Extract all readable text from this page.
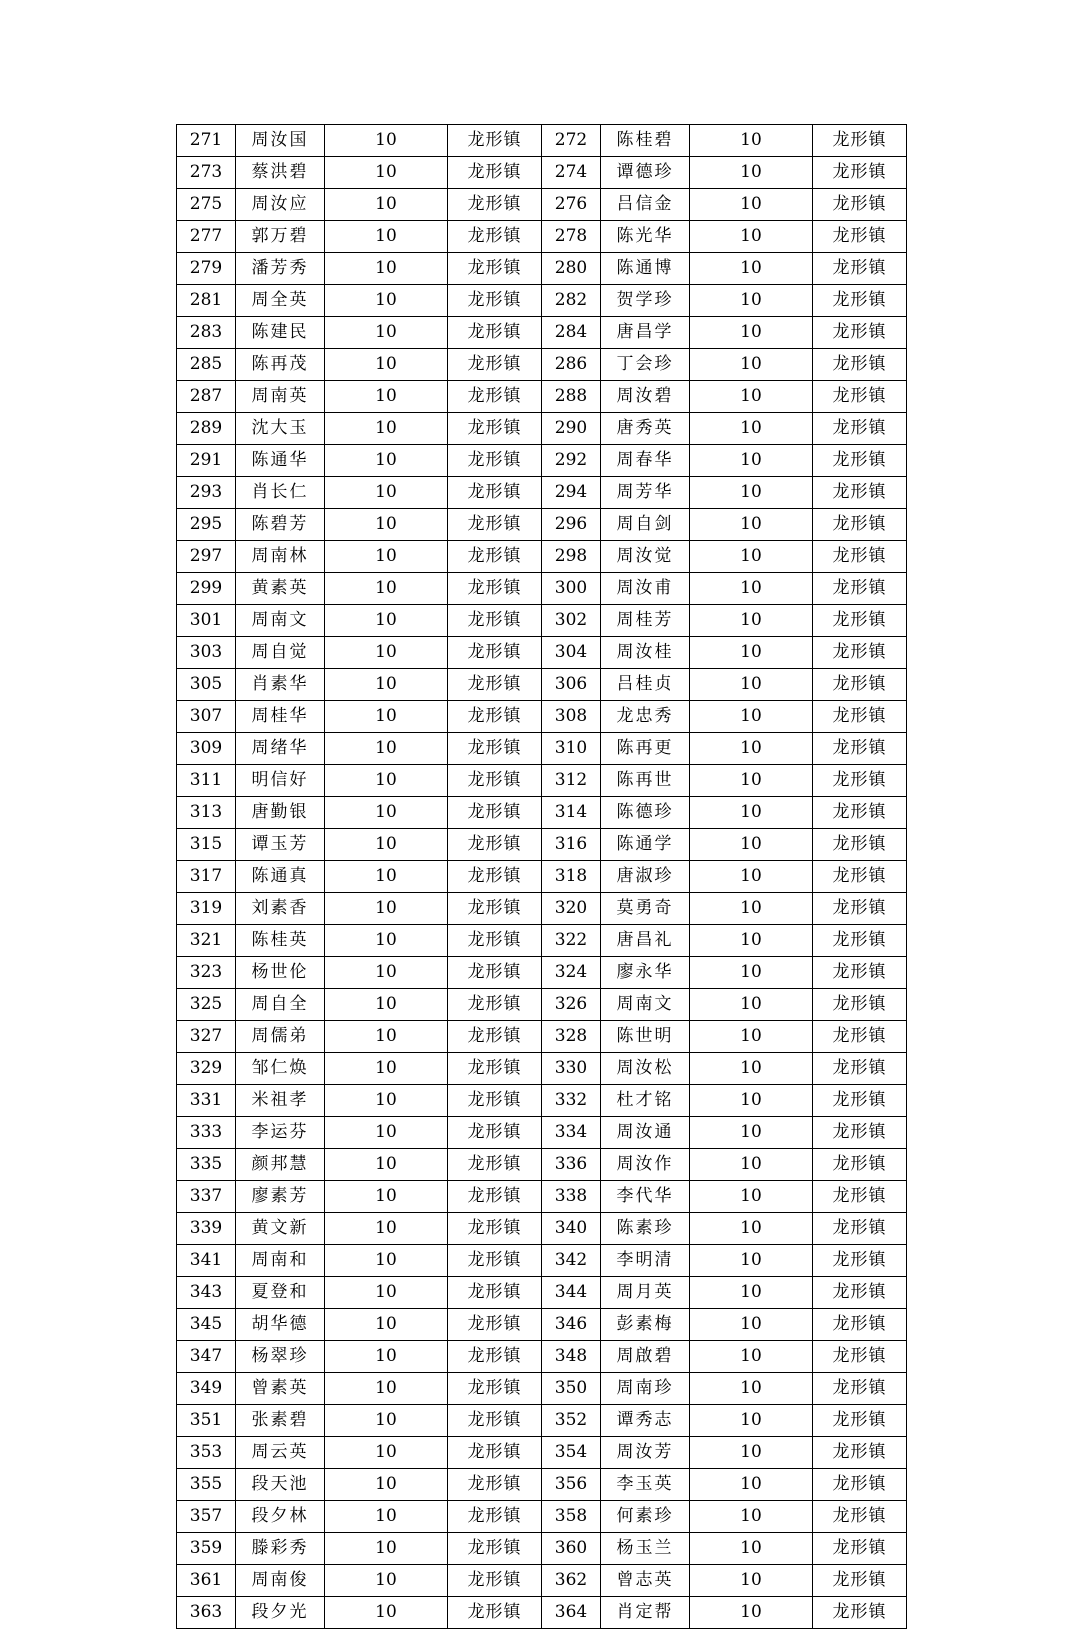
271	周汝国	10	龙形镇	272	陈桂碧	10	龙形镇
273	蔡洪碧	10	龙形镇	274	谭德珍	10	龙形镇
275	周汝应	10	龙形镇	276	吕信金	10	龙形镇
277	郭万碧	10	龙形镇	278	陈光华	10	龙形镇
279	潘芳秀	10	龙形镇	280	陈通博	10	龙形镇
281	周全英	10	龙形镇	282	贺学珍	10	龙形镇
283	陈建民	10	龙形镇	284	唐昌学	10	龙形镇
285	陈再茂	10	龙形镇	286	丁会珍	10	龙形镇
287	周南英	10	龙形镇	288	周汝碧	10	龙形镇
289	沈大玉	10	龙形镇	290	唐秀英	10	龙形镇
291	陈通华	10	龙形镇	292	周春华	10	龙形镇
293	肖长仁	10	龙形镇	294	周芳华	10	龙形镇
295	陈碧芳	10	龙形镇	296	周自剑	10	龙形镇
297	周南林	10	龙形镇	298	周汝觉	10	龙形镇
299	黄素英	10	龙形镇	300	周汝甫	10	龙形镇
301	周南文	10	龙形镇	302	周桂芳	10	龙形镇
303	周自觉	10	龙形镇	304	周汝桂	10	龙形镇
305	肖素华	10	龙形镇	306	吕桂贞	10	龙形镇
307	周桂华	10	龙形镇	308	龙忠秀	10	龙形镇
309	周绪华	10	龙形镇	310	陈再更	10	龙形镇
311	明信好	10	龙形镇	312	陈再世	10	龙形镇
313	唐勤银	10	龙形镇	314	陈德珍	10	龙形镇
315	谭玉芳	10	龙形镇	316	陈通学	10	龙形镇
317	陈通真	10	龙形镇	318	唐淑珍	10	龙形镇
319	刘素香	10	龙形镇	320	莫勇奇	10	龙形镇
321	陈桂英	10	龙形镇	322	唐昌礼	10	龙形镇
323	杨世伦	10	龙形镇	324	廖永华	10	龙形镇
325	周自全	10	龙形镇	326	周南文	10	龙形镇
327	周儒弟	10	龙形镇	328	陈世明	10	龙形镇
329	邹仁焕	10	龙形镇	330	周汝松	10	龙形镇
331	米祖孝	10	龙形镇	332	杜才铭	10	龙形镇
333	李运芬	10	龙形镇	334	周汝通	10	龙形镇
335	颜邦慧	10	龙形镇	336	周汝作	10	龙形镇
337	廖素芳	10	龙形镇	338	李代华	10	龙形镇
339	黄文新	10	龙形镇	340	陈素珍	10	龙形镇
341	周南和	10	龙形镇	342	李明清	10	龙形镇
343	夏登和	10	龙形镇	344	周月英	10	龙形镇
345	胡华德	10	龙形镇	346	彭素梅	10	龙形镇
347	杨翠珍	10	龙形镇	348	周啟碧	10	龙形镇
349	曾素英	10	龙形镇	350	周南珍	10	龙形镇
351	张素碧	10	龙形镇	352	谭秀志	10	龙形镇
353	周云英	10	龙形镇	354	周汝芳	10	龙形镇
355	段天池	10	龙形镇	356	李玉英	10	龙形镇
357	段夕林	10	龙形镇	358	何素珍	10	龙形镇
359	滕彩秀	10	龙形镇	360	杨玉兰	10	龙形镇
361	周南俊	10	龙形镇	362	曾志英	10	龙形镇
363	段夕光	10	龙形镇	364	肖定帮	10	龙形镇
